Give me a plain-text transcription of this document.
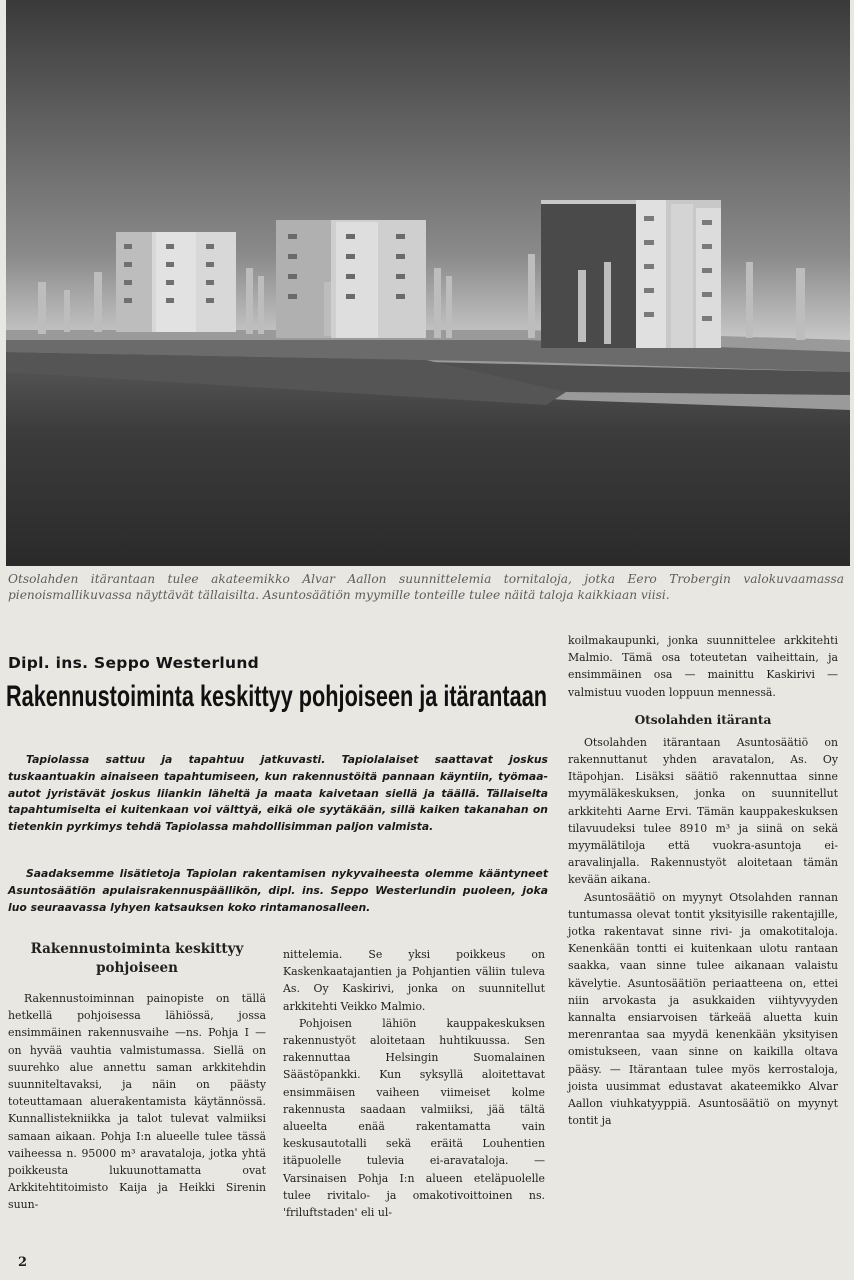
Otsolahden itärantaan tulee akateemikko Alvar Aallon suunnittelemia tornitaloja, jotka Eero Trobergin valokuvaamassa pienoismallikuvassa näyttävät tällaisilta. Asuntosäätiön myymille tonteille tulee näitä taloja kaikkiaan viisi.

Dipl. ins. Seppo Westerlund

Rakennustoiminta keskittyy pohjoiseen ja itärantaan

Tapiolassa sattuu ja tapahtuu jatkuvasti. Tapiolalaiset saattavat joskus tuskaantuakin ainaiseen tapahtumiseen, kun rakennustöitä pannaan käyntiin, työmaa-autot jyristävät joskus liiankin läheltä ja maata kaivetaan siellä ja täällä. Tällaiselta tapahtumiselta ei kuitenkaan voi välttyä, eikä ole syytäkään, sillä kaiken takanahan on tietenkin pyrkimys tehdä Tapiolassa mahdollisimman paljon valmista.

Saadaksemme lisätietoja Tapiolan rakentamisen nykyvaiheesta olemme kääntyneet Asuntosäätiön apulaisrakennuspäällikön, dipl. ins. Seppo Westerlundin puoleen, joka luo seuraavassa lyhyen katsauksen koko rintamanosalleen.

Rakennustoiminta keskittyy pohjoiseen

Rakennustoiminnan painopiste on tällä hetkellä pohjoisessa lähiössä, jossa ensimmäinen rakennusvaihe —ns. Pohja I — on hyvää vauhtia valmistumassa. Siellä on suurehko alue annettu saman arkkitehdin suunniteltavaksi, ja näin on päästy toteuttamaan aluerakentamista käytännössä. Kunnallistekniikka ja talot tulevat valmiiksi samaan aikaan. Pohja I:n alueelle tulee tässä vaiheessa n. 95000 m³ aravataloja, jotka yhtä poikkeusta lukuunottamatta ovat Arkkitehtitoimisto Kaija ja Heikki Sirenin suun-

nittelemia. Se yksi poikkeus on Kaskenkaatajantien ja Pohjantien väliin tuleva As. Oy Kaskirivi, jonka on suunnitellut arkkitehti Veikko Malmio.

Pohjoisen lähiön kauppakeskuksen rakennustyöt aloitetaan huhtikuussa. Sen rakennuttaa Helsingin Suomalainen Säästöpankki. Kun syksyllä aloitettavat ensimmäisen vaiheen viimeiset kolme rakennusta saadaan valmiiksi, jää tältä alueelta enää rakentamatta vain keskusautotalli sekä eräitä Louhentien itäpuolelle tulevia ei-aravataloja. — Varsinaisen Pohja I:n alueen eteläpuolelle tulee rivitalo- ja omakotivoittoinen ns. 'friluftstaden' eli ul-

koilmakaupunki, jonka suunnittelee arkkitehti Malmio. Tämä osa toteutetan vaiheittain, ja ensimmäinen osa — mainittu Kaskirivi — valmistuu vuoden loppuun mennessä.

Otsolahden itäranta

Otsolahden itärantaan Asuntosäätiö on rakennuttanut yhden aravatalon, As. Oy Itäpohjan. Lisäksi säätiö rakennuttaa sinne myymäläkeskuksen, jonka on suunnitellut arkkitehti Aarne Ervi. Tämän kauppakeskuksen tilavuudeksi tulee 8910 m³ ja siinä on sekä myymälätiloja että vuokra-asuntoja ei-aravalinjalla. Rakennustyöt aloitetaan tämän kevään aikana.

Asuntosäätiö on myynyt Otsolahden rannan tuntumassa olevat tontit yksityisille rakentajille, jotka rakentavat sinne rivi- ja omakotitaloja. Kenenkään tontti ei kuitenkaan ulotu rantaan saakka, vaan sinne tulee aikanaan valaistu kävelytie. Asuntosäätiön periaatteena on, ettei niin arvokasta ja asukkaiden viihtyvyyden kannalta ensiarvoisen tärkeää aluetta kuin merenrantaa saa myydä kenenkään yksityisen omistukseen, vaan sinne on kaikilla oltava pääsy. — Itärantaan tulee myös kerrostaloja, joista uusimmat edustavat akateemikko Alvar Aallon viuhkatyyppiä. Asuntosäätiö on myynyt tontit ja

2
